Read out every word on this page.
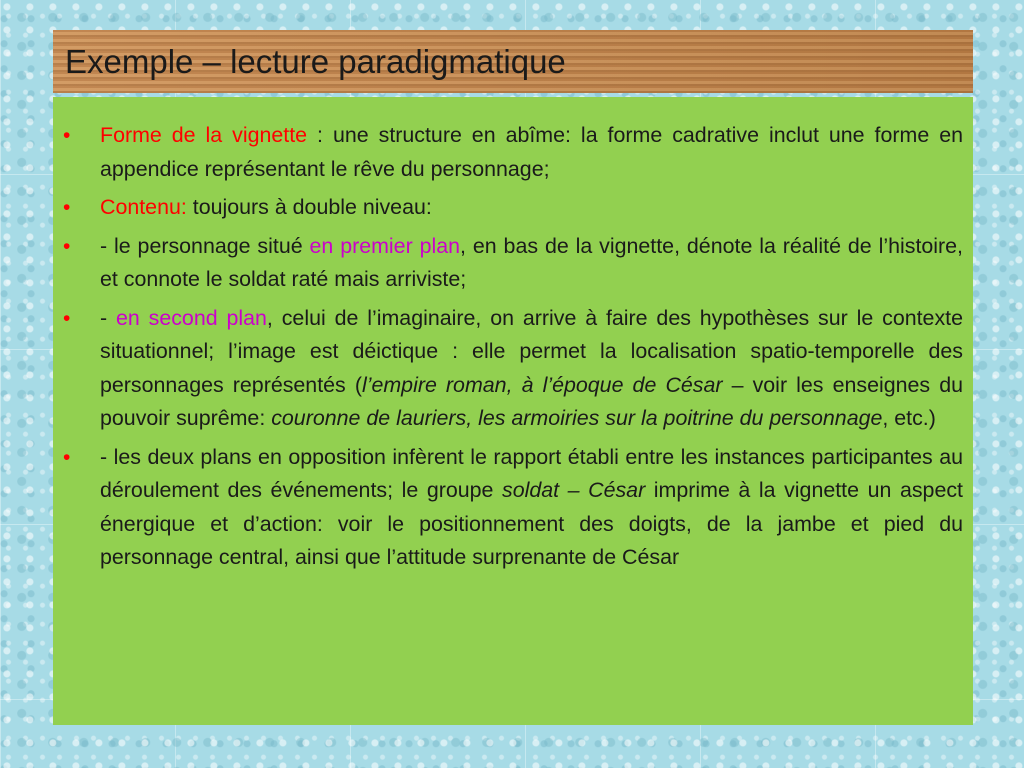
Exemple – lecture paradigmatique
• Forme de la vignette : une structure en abîme: la forme cadrative inclut une forme en appendice représentant le rêve du personnage;
• Contenu: toujours à double niveau:
• - le personnage situé en premier plan, en bas de la vignette, dénote la réalité de l’histoire, et connote le soldat raté mais arriviste;
• - en second plan, celui de l’imaginaire, on arrive à faire des hypothèses sur le contexte situationnel; l’image est déictique : elle permet la localisation spatio-temporelle des personnages représentés (l’empire roman, à l’époque de César – voir les enseignes du pouvoir suprême: couronne de lauriers, les armoiries sur la poitrine du personnage, etc.)
• - les deux plans en opposition infèrent le rapport établi entre les instances participantes au déroulement des événements; le groupe soldat – César imprime à la vignette un aspect énergique et d’action: voir le positionnement des doigts, de la jambe et pied du personnage central, ainsi que l’attitude surprenante de César
